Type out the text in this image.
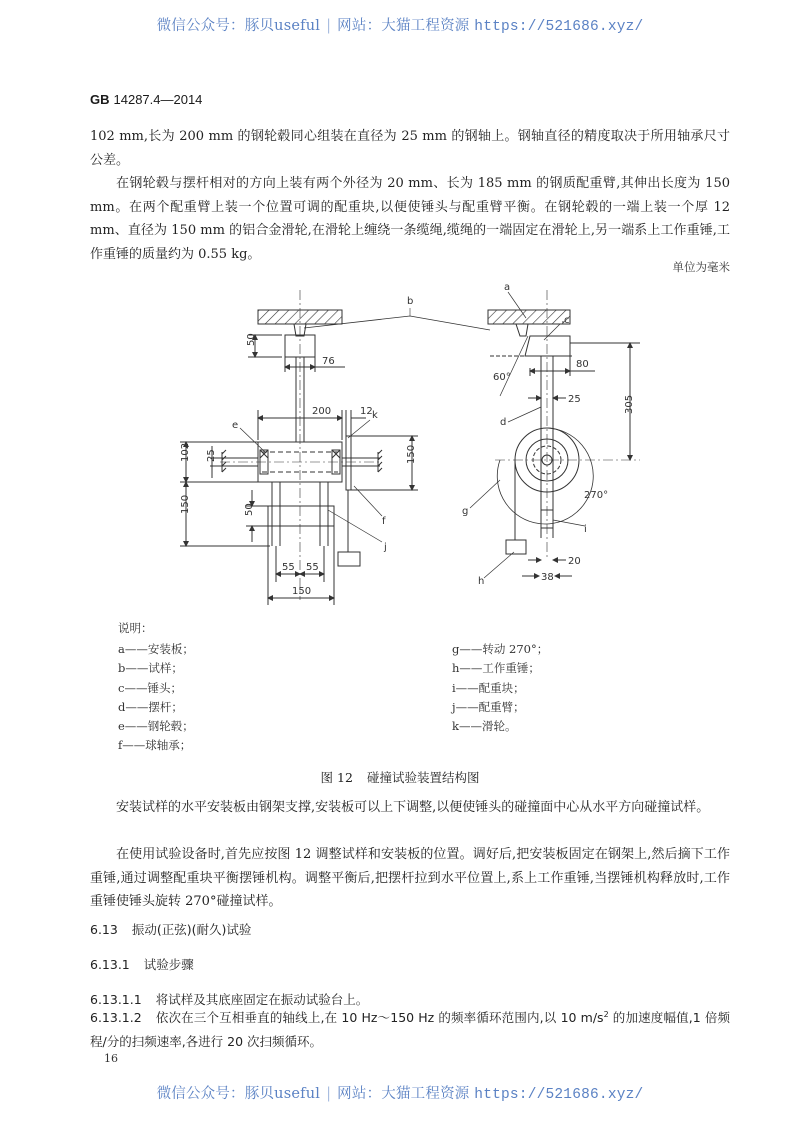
微信公众号：豚贝useful | 网站：大猫工程资源 https://521686.xyz/
GB 14287.4—2014
102 mm,长为 200 mm 的钢轮毂同心组装在直径为 25 mm 的钢轴上。钢轴直径的精度取决于所用轴承尺寸公差。
在钢轮毂与摆杆相对的方向上装有两个外径为 20 mm、长为 185 mm 的钢质配重臂,其伸出长度为 150 mm。在两个配重臂上装一个位置可调的配重块,以便使锤头与配重臂平衡。在钢轮毂的一端上装一个厚 12 mm、直径为 150 mm 的铝合金滑轮,在滑轮上缠绕一条缆绳,缆绳的一端固定在滑轮上,另一端系上工作重锤,工作重锤的质量约为 0.55 kg。
单位为毫米
50
76
200	12
150
102 25
150	50
55 55
150
e
k
f
j
b
a
c
60°
80
25	305
d
270°
i
g
h
20
38
说明：
a——安装板；
b——试样；
c——锤头；
d——摆杆；
e——钢轮毂；
f——球轴承；
g——转动 270°；
h——工作重锤；
i——配重块；
j——配重臂；
k——滑轮。
图 12 碰撞试验装置结构图
安装试样的水平安装板由钢架支撑,安装板可以上下调整,以便使锤头的碰撞面中心从水平方向碰撞试样。
在使用试验设备时,首先应按图 12 调整试样和安装板的位置。调好后,把安装板固定在钢架上,然后摘下工作重锤,通过调整配重块平衡摆锤机构。调整平衡后,把摆杆拉到水平位置上,系上工作重锤,当摆锤机构释放时,工作重锤使锤头旋转 270°碰撞试样。
6.13 振动(正弦)(耐久)试验
6.13.1 试验步骤
6.13.1.1 将试样及其底座固定在振动试验台上。
6.13.1.2 依次在三个互相垂直的轴线上,在 10 Hz～150 Hz 的频率循环范围内,以 10 $m/s^2$ 的加速度幅值,1 倍频程/分的扫频速率,各进行 20 次扫频循环。
16
微信公众号：豚贝useful | 网站：大猫工程资源 https://521686.xyz/
